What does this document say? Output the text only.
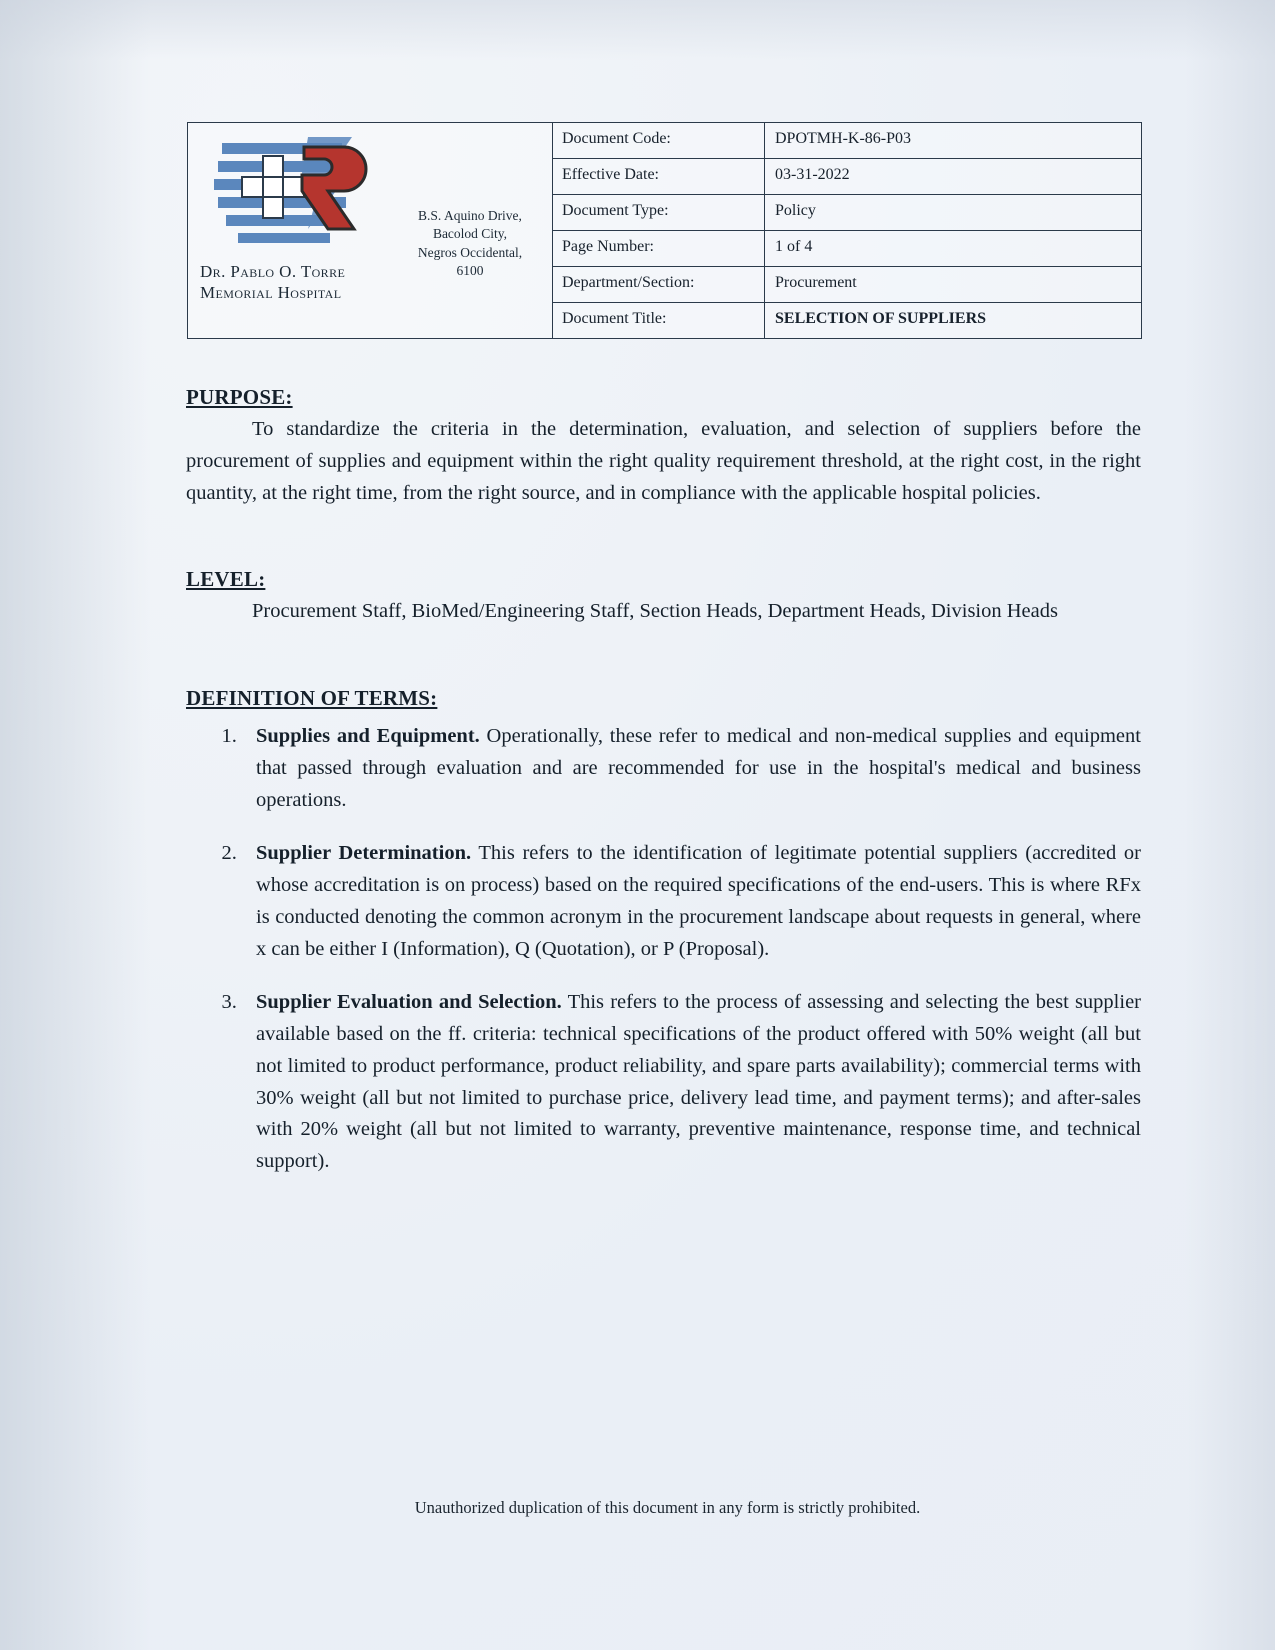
Dr. Pablo O. Torre
Memorial Hospital
B.S. Aquino Drive,
Bacolod City,
Negros Occidental,
6100
Document Code:	DPOTMH-K-86-P03
Effective Date:	03-31-2022
Document Type:	Policy
Page Number:	1 of 4
Department/Section:	Procurement
Document Title:	SELECTION OF SUPPLIERS
PURPOSE:

To standardize the criteria in the determination, evaluation, and selection of suppliers before the procurement of supplies and equipment within the right quality requirement threshold, at the right cost, in the right quantity, at the right time, from the right source, and in compliance with the applicable hospital policies.

LEVEL:

Procurement Staff, BioMed/Engineering Staff, Section Heads, Department Heads, Division Heads

DEFINITION OF TERMS:
1. Supplies and Equipment. Operationally, these refer to medical and non-medical supplies and equipment that passed through evaluation and are recommended for use in the hospital's medical and business operations.
2. Supplier Determination. This refers to the identification of legitimate potential suppliers (accredited or whose accreditation is on process) based on the required specifications of the end-users. This is where RFx is conducted denoting the common acronym in the procurement landscape about requests in general, where x can be either I (Information), Q (Quotation), or P (Proposal).
3. Supplier Evaluation and Selection. This refers to the process of assessing and selecting the best supplier available based on the ff. criteria: technical specifications of the product offered with 50% weight (all but not limited to product performance, product reliability, and spare parts availability); commercial terms with 30% weight (all but not limited to purchase price, delivery lead time, and payment terms); and after-sales with 20% weight (all but not limited to warranty, preventive maintenance, response time, and technical support).
Unauthorized duplication of this document in any form is strictly prohibited.
